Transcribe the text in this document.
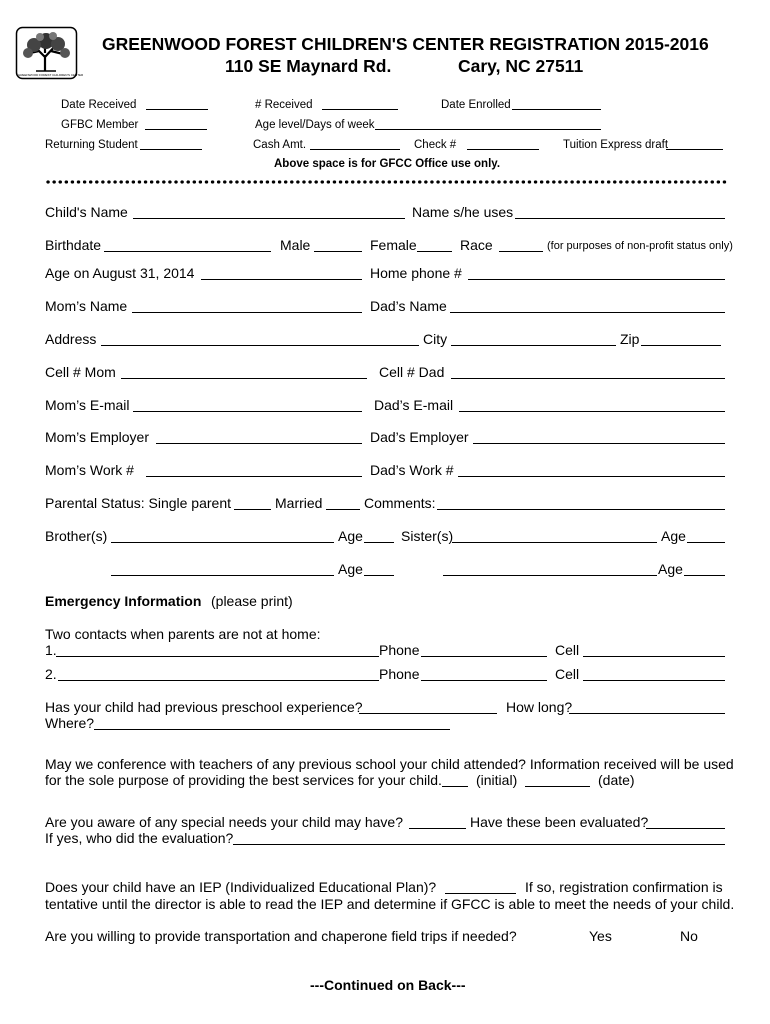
GREENWOOD FOREST CHILDREN'S CENTER
GREENWOOD FOREST CHILDREN'S CENTER REGISTRATION 2015-2016
110 SE Maynard Rd.	Cary, NC 27511
Date Received	# Received	Date Enrolled
GFBC Member	Age level/Days of week
Returning Student	Cash Amt.	Check #	Tuition Express draft
Above space is for GFCC Office use only.
Child's Name	Name s/he uses
Birthdate	Male	Female	Race	(for purposes of non-profit status only)
Age on August 31, 2014	Home phone #
Mom’s Name	Dad’s Name
Address	City	Zip
Cell # Mom	Cell # Dad
Mom’s E-mail	Dad’s E-mail
Mom’s Employer	Dad’s Employer
Mom’s Work #	Dad’s Work #
Parental Status: Single parent	Married	Comments:
Brother(s)	Age	Sister(s)	Age
Age	Age
Emergency Information (please print)
Two contacts when parents are not at home:
1.	Phone	Cell
2.	Phone	Cell
Has your child had previous preschool experience?	How long?
Where?
May we conference with teachers of any previous school your child attended? Information received will be used
for the sole purpose of providing the best services for your child. (initial)	(date)
Are you aware of any special needs your child may have?	Have these been evaluated?
If yes, who did the evaluation?
Does your child have an IEP (Individualized Educational Plan)?	If so, registration confirmation is
tentative until the director is able to read the IEP and determine if GFCC is able to meet the needs of your child.
Are you willing to provide transportation and chaperone field trips if needed?	Yes	No
---Continued on Back---
